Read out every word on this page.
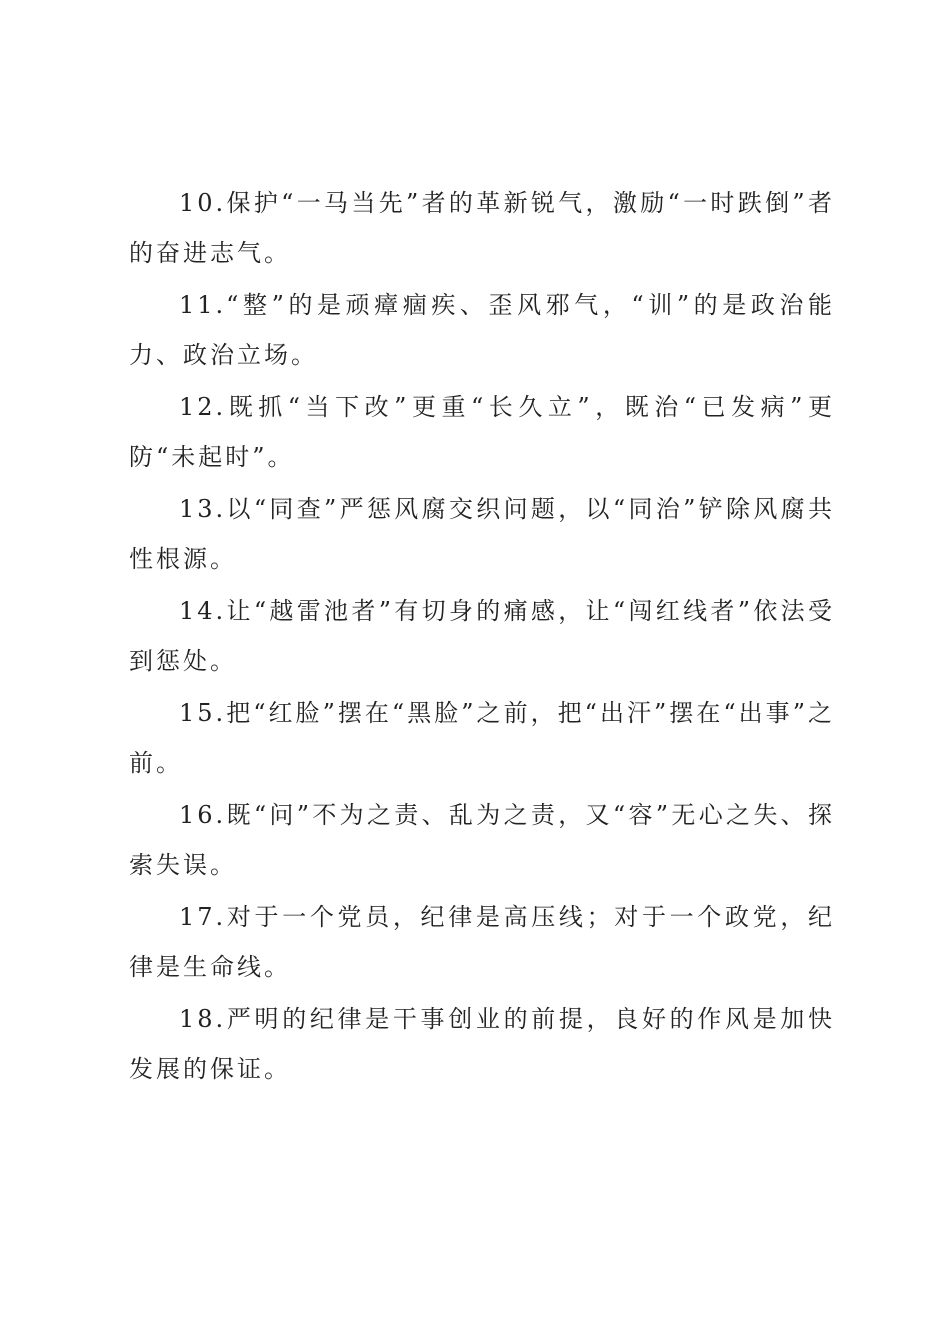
10.保护“一马当先”者的革新锐气，激励“一时跌倒”者的奋进志气。

11.“整”的是顽瘴痼疾、歪风邪气，“训”的是政治能力、政治立场。

12.既抓“当下改”更重“长久立”，既治“已发病”更防“未起时”。

13.以“同查”严惩风腐交织问题，以“同治”铲除风腐共性根源。

14.让“越雷池者”有切身的痛感，让“闯红线者”依法受到惩处。

15.把“红脸”摆在“黑脸”之前，把“出汗”摆在“出事”之前。

16.既“问”不为之责、乱为之责，又“容”无心之失、探索失误。

17.对于一个党员，纪律是高压线；对于一个政党，纪律是生命线。

18.严明的纪律是干事创业的前提，良好的作风是加快发展的保证。
